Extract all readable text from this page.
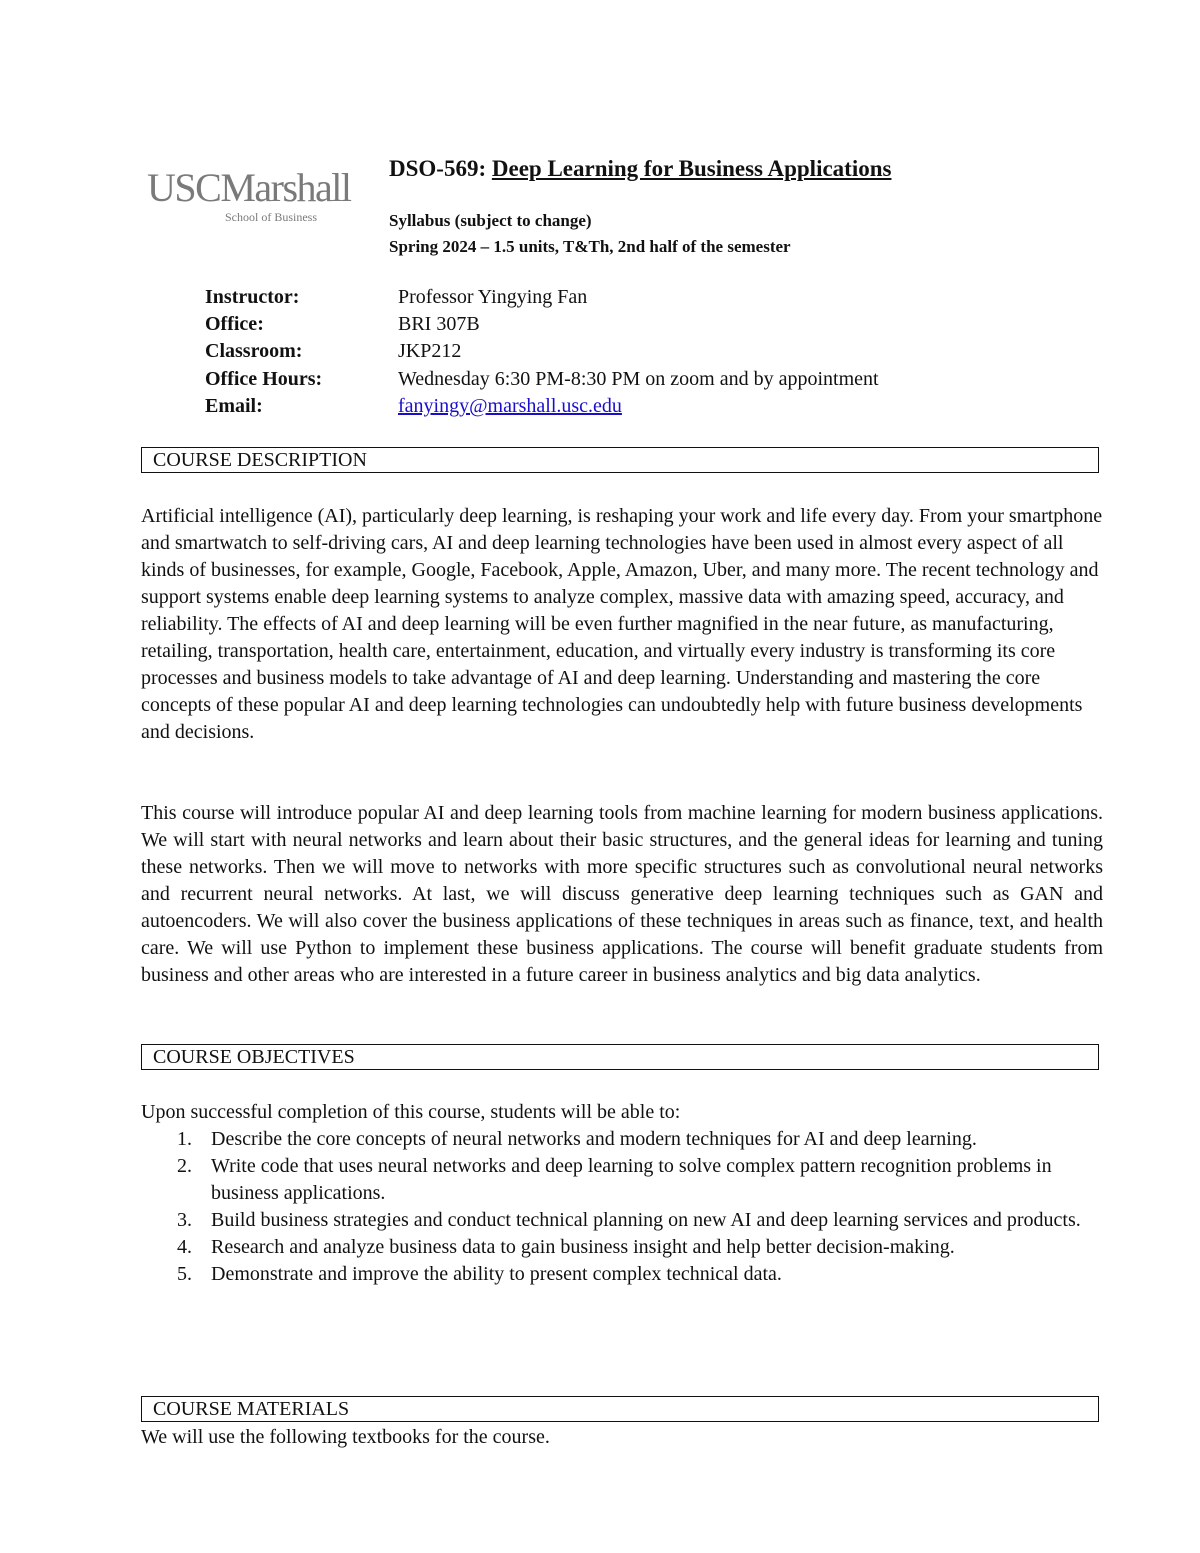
USCMarshall
School of Business
DSO-569: Deep Learning for Business Applications
Syllabus (subject to change)
Spring 2024 – 1.5 units, T&Th, 2nd half of the semester
Instructor:	Professor Yingying Fan
Office:	BRI 307B
Classroom:	JKP212
Office Hours:	Wednesday 6:30 PM-8:30 PM on zoom and by appointment
Email:	fanyingy@marshall.usc.edu
COURSE DESCRIPTION
Artificial intelligence (AI), particularly deep learning, is reshaping your work and life every day. From your smartphone and smartwatch to self-driving cars, AI and deep learning technologies have been used in almost every aspect of all kinds of businesses, for example, Google, Facebook, Apple, Amazon, Uber, and many more. The recent technology and support systems enable deep learning systems to analyze complex, massive data with amazing speed, accuracy, and reliability. The effects of AI and deep learning will be even further magnified in the near future, as manufacturing, retailing, transportation, health care, entertainment, education, and virtually every industry is transforming its core processes and business models to take advantage of AI and deep learning. Understanding and mastering the core concepts of these popular AI and deep learning technologies can undoubtedly help with future business developments and decisions.
This course will introduce popular AI and deep learning tools from machine learning for modern business applications. We will start with neural networks and learn about their basic structures, and the general ideas for learning and tuning these networks. Then we will move to networks with more specific structures such as convolutional neural networks and recurrent neural networks. At last, we will discuss generative deep learning techniques such as GAN and autoencoders. We will also cover the business applications of these techniques in areas such as finance, text, and health care. We will use Python to implement these business applications. The course will benefit graduate students from business and other areas who are interested in a future career in business analytics and big data analytics.
COURSE OBJECTIVES
Upon successful completion of this course, students will be able to:
1. Describe the core concepts of neural networks and modern techniques for AI and deep learning.
2. Write code that uses neural networks and deep learning to solve complex pattern recognition problems in business applications.
3. Build business strategies and conduct technical planning on new AI and deep learning services and products.
4. Research and analyze business data to gain business insight and help better decision-making.
5. Demonstrate and improve the ability to present complex technical data.
COURSE MATERIALS
We will use the following textbooks for the course.
